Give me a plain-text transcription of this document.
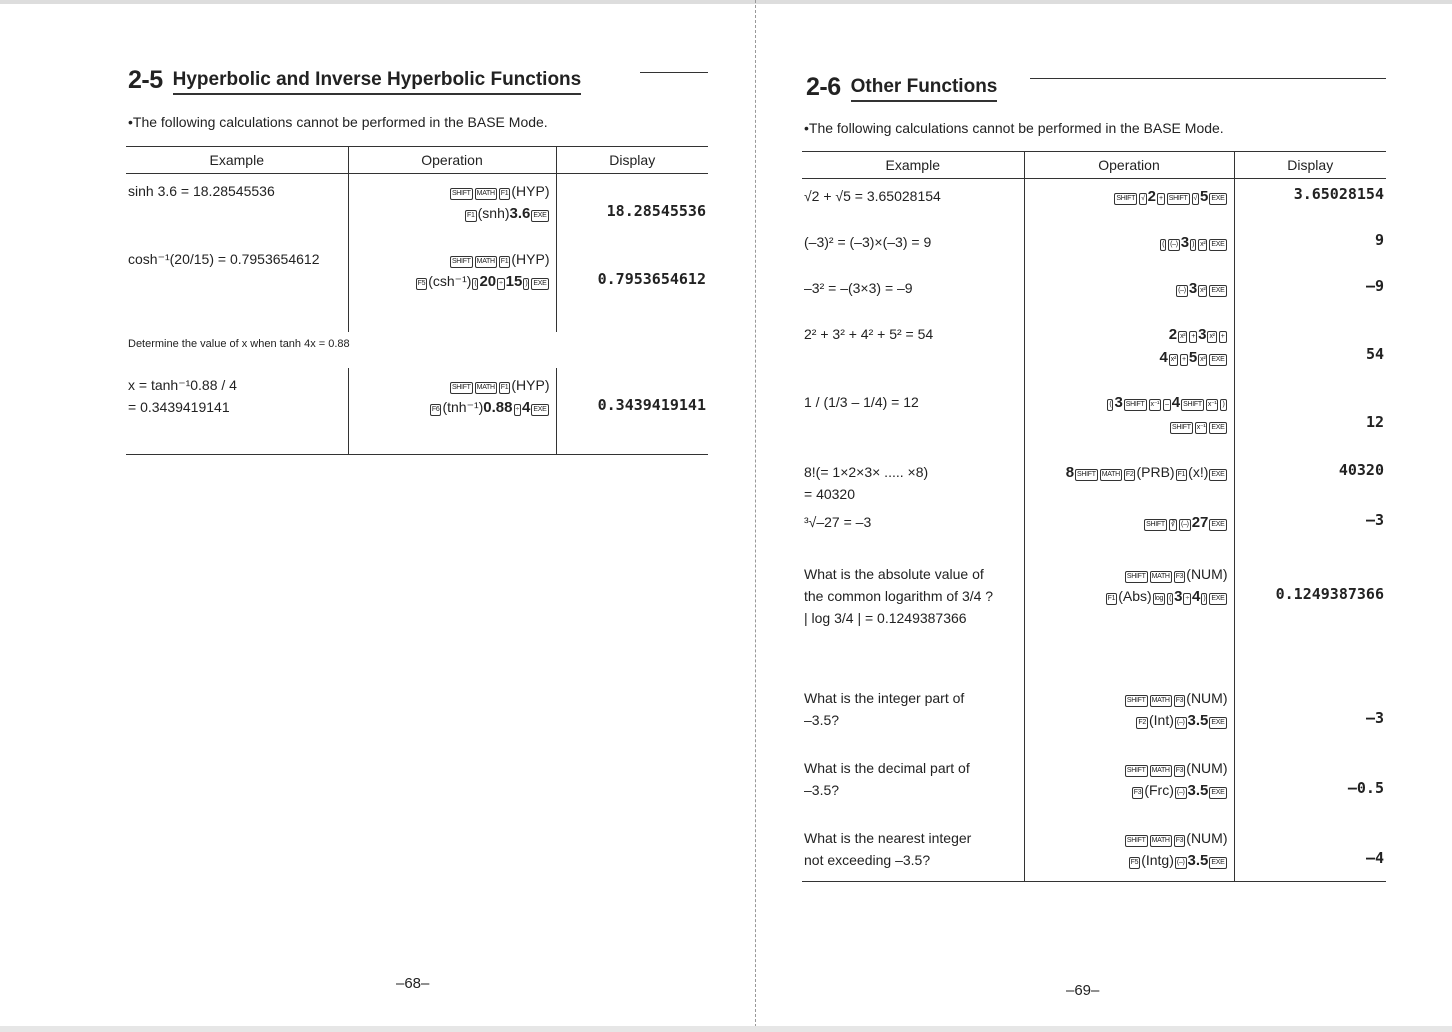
2-5 Hyperbolic and Inverse Hyperbolic Functions
•The following calculations cannot be performed in the BASE Mode.
Example	Operation	Display

sinh 3.6 = 18.28545536	SHIFT MATH F1 (HYP)
F1 (snh)3.6 EXE	18.28545536

cosh⁻¹(20/15) = 0.7953654612	SHIFT MATH F1 (HYP)
F5 (csh⁻¹) ( 20 ÷ 15 ) EXE	0.7953654612
Determine the value of x when tanh 4x = 0.88		

x = tanh⁻¹0.88 / 4
= 0.3439419141	SHIFT MATH F1 (HYP)
F6 (tnh⁻¹)0.88 ÷ 4 EXE	0.3439419141
–68–
2-6 Other Functions
•The following calculations cannot be performed in the BASE Mode.
Example	Operation	Display

√2 + √5 = 3.65028154	SHIFT √ 2 + SHIFT √ 5 EXE	3.65028154

(–3)² = (–3)×(–3) = 9	( (–) 3 ) x² EXE	9

–3² = –(3×3) = –9	(–) 3 x² EXE	–9

2² + 3² + 4² + 5² = 54	2 x² + 3 x² +
4 x² + 5 x² EXE	54

1 / (1/3 – 1/4) = 12	( 3 SHIFT x⁻¹ – 4 SHIFT x⁻¹ )
SHIFT x⁻¹ EXE	12

8!(= 1×2×3× ..... ×8)
= 40320	8 SHIFT MATH F2 (PRB) F1 (x!) EXE	40320

³√–27 = –3	SHIFT ∛ (–) 27 EXE	–3

What is the absolute value of
the common logarithm of 3/4 ?
| log 3/4 | = 0.1249387366	SHIFT MATH F3 (NUM)
F1 (Abs) log ( 3 ÷ 4 ) EXE	0.1249387366

What is the integer part of
–3.5?	SHIFT MATH F3 (NUM)
F2 (Int) (–) 3.5 EXE	–3

What is the decimal part of
–3.5?	SHIFT MATH F3 (NUM)
F3 (Frc) (–) 3.5 EXE	–0.5

What is the nearest integer
not exceeding –3.5?	SHIFT MATH F3 (NUM)
F5 (Intg) (–) 3.5 EXE	–4
–69–
